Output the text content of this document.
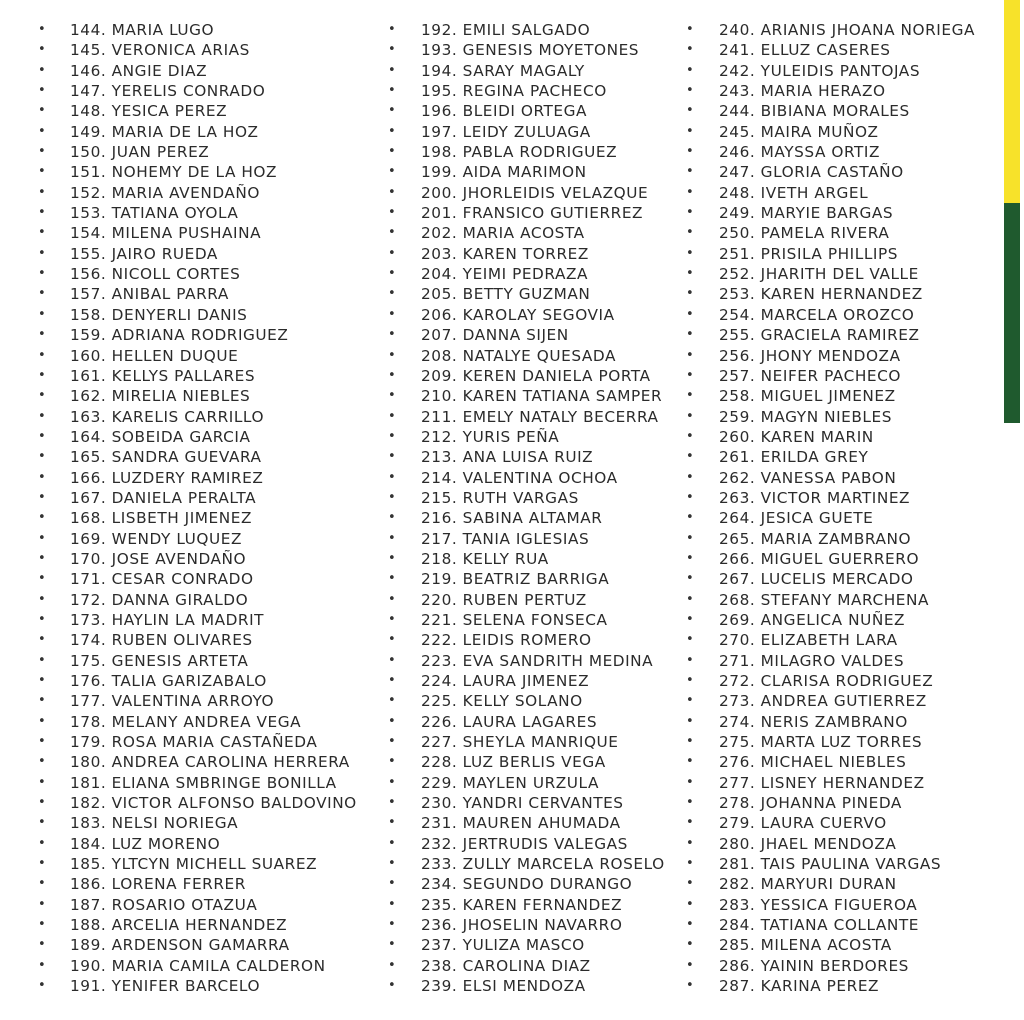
• 144. MARIA LUGO
• 145. VERONICA ARIAS
• 146. ANGIE DIAZ
• 147. YERELIS CONRADO
• 148. YESICA PEREZ
• 149. MARIA DE LA HOZ
• 150. JUAN PEREZ
• 151. NOHEMY DE LA HOZ
• 152. MARIA AVENDAÑO
• 153. TATIANA OYOLA
• 154. MILENA PUSHAINA
• 155. JAIRO RUEDA
• 156. NICOLL CORTES
• 157. ANIBAL PARRA
• 158. DENYERLI DANIS
• 159. ADRIANA RODRIGUEZ
• 160. HELLEN DUQUE
• 161. KELLYS PALLARES
• 162. MIRELIA NIEBLES
• 163. KARELIS CARRILLO
• 164. SOBEIDA GARCIA
• 165. SANDRA GUEVARA
• 166. LUZDERY RAMIREZ
• 167. DANIELA PERALTA
• 168. LISBETH JIMENEZ
• 169. WENDY LUQUEZ
• 170. JOSE AVENDAÑO
• 171. CESAR CONRADO
• 172. DANNA GIRALDO
• 173. HAYLIN LA MADRIT
• 174. RUBEN OLIVARES
• 175. GENESIS ARTETA
• 176. TALIA GARIZABALO
• 177. VALENTINA ARROYO
• 178. MELANY ANDREA VEGA
• 179. ROSA MARIA CASTAÑEDA
• 180. ANDREA CAROLINA HERRERA
• 181. ELIANA SMBRINGE BONILLA
• 182. VICTOR ALFONSO BALDOVINO
• 183. NELSI NORIEGA
• 184. LUZ MORENO
• 185. YLTCYN MICHELL SUAREZ
• 186. LORENA FERRER
• 187. ROSARIO OTAZUA
• 188. ARCELIA HERNANDEZ
• 189. ARDENSON GAMARRA
• 190. MARIA CAMILA CALDERON
• 191. YENIFER BARCELO
• 192. EMILI SALGADO
• 193. GENESIS MOYETONES
• 194. SARAY MAGALY
• 195. REGINA PACHECO
• 196. BLEIDI ORTEGA
• 197. LEIDY ZULUAGA
• 198. PABLA RODRIGUEZ
• 199. AIDA MARIMON
• 200. JHORLEIDIS VELAZQUE
• 201. FRANSICO GUTIERREZ
• 202. MARIA ACOSTA
• 203. KAREN TORREZ
• 204. YEIMI PEDRAZA
• 205. BETTY GUZMAN
• 206. KAROLAY SEGOVIA
• 207. DANNA SIJEN
• 208. NATALYE QUESADA
• 209. KEREN DANIELA PORTA
• 210. KAREN TATIANA SAMPER
• 211. EMELY NATALY BECERRA
• 212. YURIS PEÑA
• 213. ANA LUISA RUIZ
• 214. VALENTINA OCHOA
• 215. RUTH VARGAS
• 216. SABINA ALTAMAR
• 217. TANIA IGLESIAS
• 218. KELLY RUA
• 219. BEATRIZ BARRIGA
• 220. RUBEN PERTUZ
• 221. SELENA FONSECA
• 222. LEIDIS ROMERO
• 223. EVA SANDRITH MEDINA
• 224. LAURA JIMENEZ
• 225. KELLY SOLANO
• 226. LAURA LAGARES
• 227. SHEYLA MANRIQUE
• 228. LUZ BERLIS VEGA
• 229. MAYLEN URZULA
• 230. YANDRI CERVANTES
• 231. MAUREN AHUMADA
• 232. JERTRUDIS VALEGAS
• 233. ZULLY MARCELA ROSELO
• 234. SEGUNDO DURANGO
• 235. KAREN FERNANDEZ
• 236. JHOSELIN NAVARRO
• 237. YULIZA MASCO
• 238. CAROLINA DIAZ
• 239. ELSI MENDOZA
• 240. ARIANIS JHOANA NORIEGA
• 241. ELLUZ CASERES
• 242. YULEIDIS PANTOJAS
• 243. MARIA HERAZO
• 244. BIBIANA MORALES
• 245. MAIRA MUÑOZ
• 246. MAYSSA ORTIZ
• 247. GLORIA CASTAÑO
• 248. IVETH ARGEL
• 249. MARYIE BARGAS
• 250. PAMELA RIVERA
• 251. PRISILA PHILLIPS
• 252. JHARITH DEL VALLE
• 253. KAREN HERNANDEZ
• 254. MARCELA OROZCO
• 255. GRACIELA RAMIREZ
• 256. JHONY MENDOZA
• 257. NEIFER PACHECO
• 258. MIGUEL JIMENEZ
• 259. MAGYN NIEBLES
• 260. KAREN MARIN
• 261. ERILDA GREY
• 262. VANESSA PABON
• 263. VICTOR MARTINEZ
• 264. JESICA GUETE
• 265. MARIA ZAMBRANO
• 266. MIGUEL GUERRERO
• 267. LUCELIS MERCADO
• 268. STEFANY MARCHENA
• 269. ANGELICA NUÑEZ
• 270. ELIZABETH LARA
• 271. MILAGRO VALDES
• 272. CLARISA RODRIGUEZ
• 273. ANDREA GUTIERREZ
• 274. NERIS ZAMBRANO
• 275. MARTA LUZ TORRES
• 276. MICHAEL NIEBLES
• 277. LISNEY HERNANDEZ
• 278. JOHANNA PINEDA
• 279. LAURA CUERVO
• 280. JHAEL MENDOZA
• 281. TAIS PAULINA VARGAS
• 282. MARYURI DURAN
• 283. YESSICA FIGUEROA
• 284. TATIANA COLLANTE
• 285. MILENA ACOSTA
• 286. YAININ BERDORES
• 287. KARINA PEREZ
